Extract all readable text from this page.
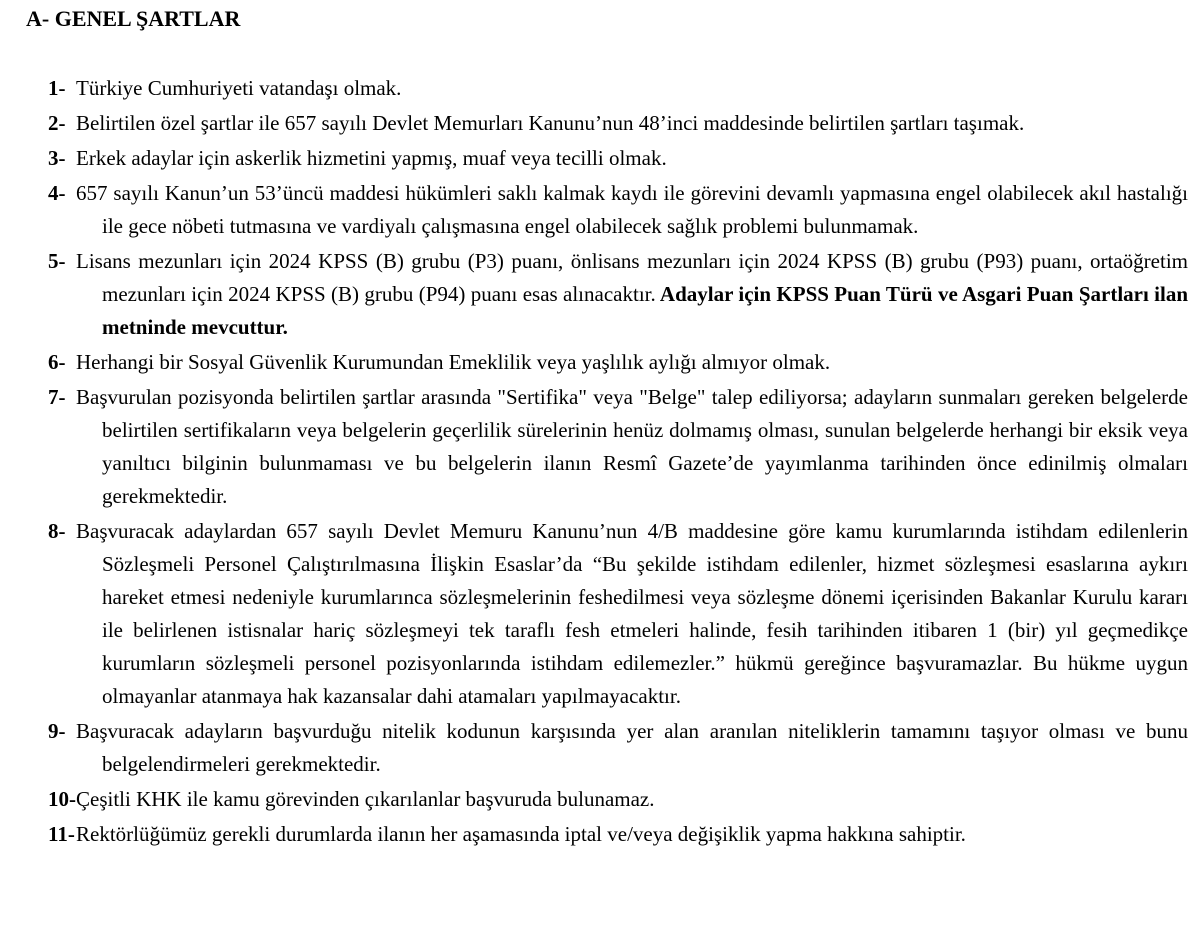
A- GENEL ŞARTLAR
1- Türkiye Cumhuriyeti vatandaşı olmak.
2- Belirtilen özel şartlar ile 657 sayılı Devlet Memurları Kanunu’nun 48’inci maddesinde belirtilen şartları taşımak.
3- Erkek adaylar için askerlik hizmetini yapmış, muaf veya tecilli olmak.
4- 657 sayılı Kanun’un 53’üncü maddesi hükümleri saklı kalmak kaydı ile görevini devamlı yapmasına engel olabilecek akıl hastalığı ile gece nöbeti tutmasına ve vardiyalı çalışmasına engel olabilecek sağlık problemi bulunmamak.
5- Lisans mezunları için 2024 KPSS (B) grubu (P3) puanı, önlisans mezunları için 2024 KPSS (B) grubu (P93) puanı, ortaöğretim mezunları için 2024 KPSS (B) grubu (P94) puanı esas alınacaktır. Adaylar için KPSS Puan Türü ve Asgari Puan Şartları ilan metninde mevcuttur.
6- Herhangi bir Sosyal Güvenlik Kurumundan Emeklilik veya yaşlılık aylığı almıyor olmak.
7- Başvurulan pozisyonda belirtilen şartlar arasında "Sertifika" veya "Belge" talep ediliyorsa; adayların sunmaları gereken belgelerde belirtilen sertifikaların veya belgelerin geçerlilik sürelerinin henüz dolmamış olması, sunulan belgelerde herhangi bir eksik veya yanıltıcı bilginin bulunmaması ve bu belgelerin ilanın Resmî Gazete’de yayımlanma tarihinden önce edinilmiş olmaları gerekmektedir.
8- Başvuracak adaylardan 657 sayılı Devlet Memuru Kanunu’nun 4/B maddesine göre kamu kurumlarında istihdam edilenlerin Sözleşmeli Personel Çalıştırılmasına İlişkin Esaslar’da “Bu şekilde istihdam edilenler, hizmet sözleşmesi esaslarına aykırı hareket etmesi nedeniyle kurumlarınca sözleşmelerinin feshedilmesi veya sözleşme dönemi içerisinden Bakanlar Kurulu kararı ile belirlenen istisnalar hariç sözleşmeyi tek taraflı fesh etmeleri halinde, fesih tarihinden itibaren 1 (bir) yıl geçmedikçe kurumların sözleşmeli personel pozisyonlarında istihdam edilemezler.” hükmü gereğince başvuramazlar. Bu hükme uygun olmayanlar atanmaya hak kazansalar dahi atamaları yapılmayacaktır.
9- Başvuracak adayların başvurduğu nitelik kodunun karşısında yer alan aranılan niteliklerin tamamını taşıyor olması ve bunu belgelendirmeleri gerekmektedir.
10- Çeşitli KHK ile kamu görevinden çıkarılanlar başvuruda bulunamaz.
11- Rektörlüğümüz gerekli durumlarda ilanın her aşamasında iptal ve/veya değişiklik yapma hakkına sahiptir.
